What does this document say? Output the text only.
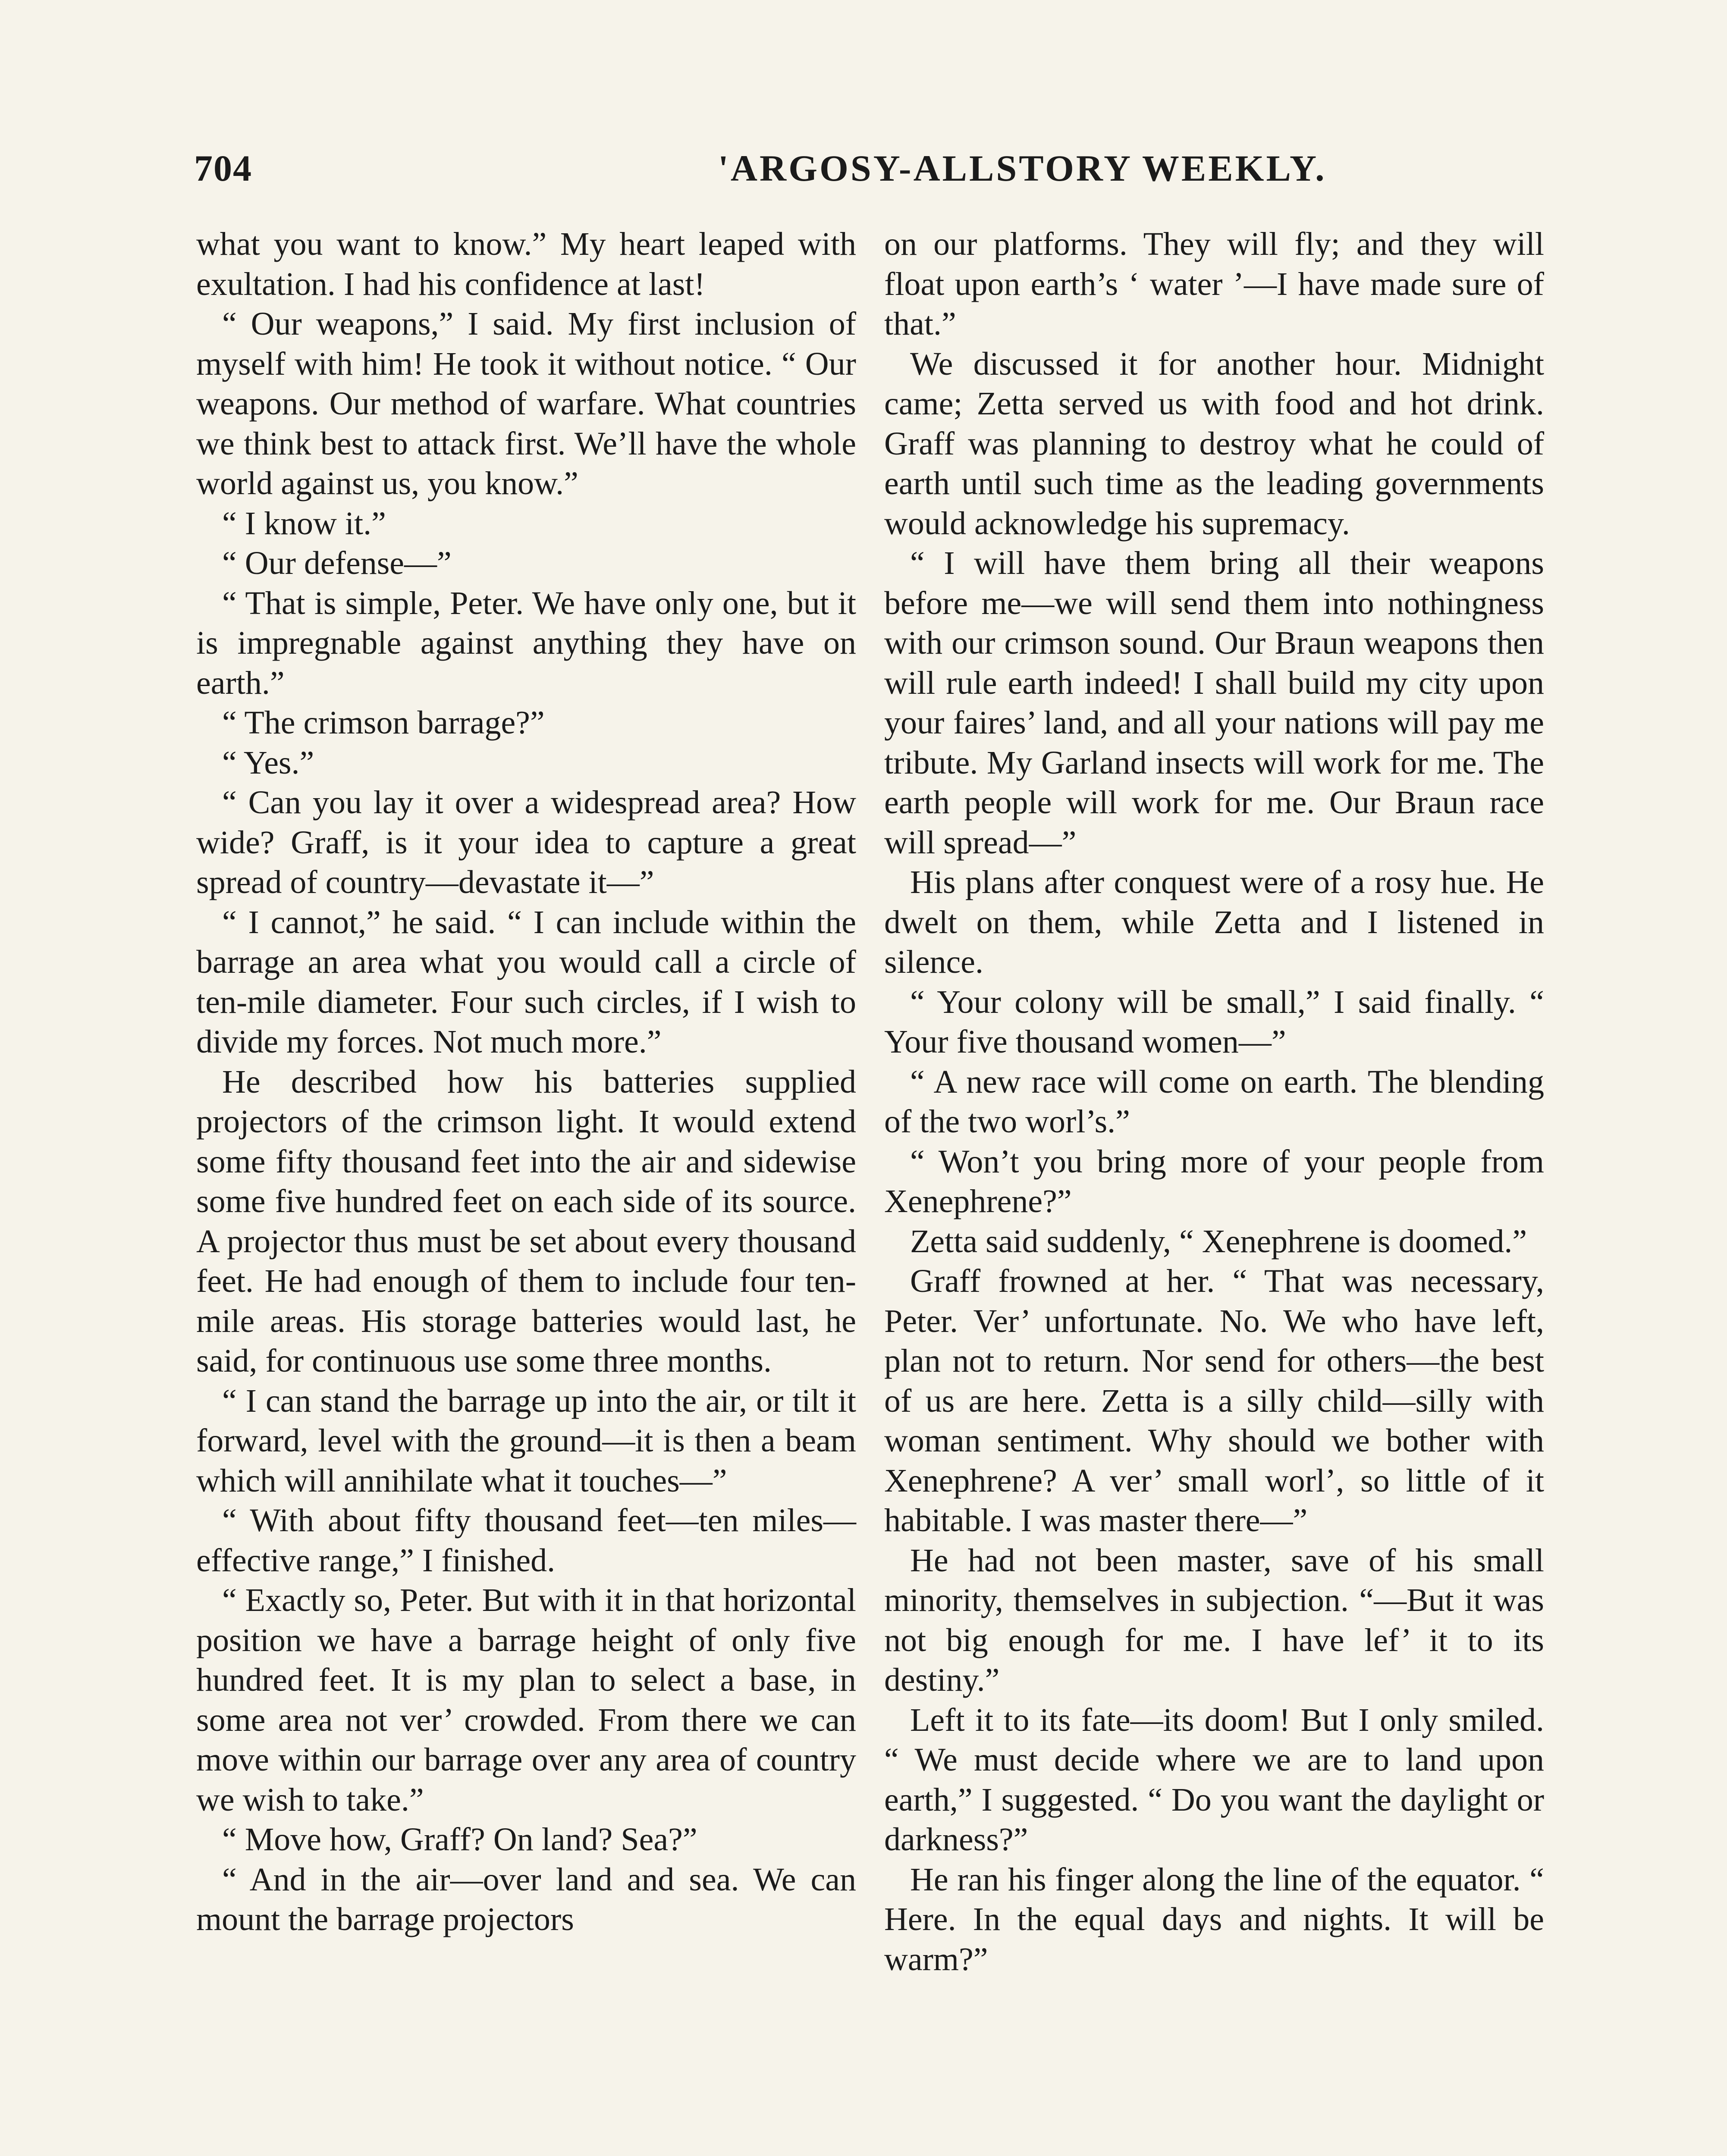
704	'ARGOSY-ALLSTORY WEEKLY.

what you want to know.” My heart leaped with exultation. I had his confidence at last!

“ Our weapons,” I said. My first inclusion of myself with him! He took it without notice. “ Our weapons. Our method of warfare. What countries we think best to attack first. We’ll have the whole world against us, you know.”

“ I know it.”

“ Our defense—”

“ That is simple, Peter. We have only one, but it is impregnable against anything they have on earth.”

“ The crimson barrage?”

“ Yes.”

“ Can you lay it over a widespread area? How wide? Graff, is it your idea to capture a great spread of country—devastate it—”

“ I cannot,” he said. “ I can include within the barrage an area what you would call a circle of ten-mile diameter. Four such circles, if I wish to divide my forces. Not much more.”

He described how his batteries supplied projectors of the crimson light. It would extend some fifty thousand feet into the air and sidewise some five hundred feet on each side of its source. A projector thus must be set about every thousand feet. He had enough of them to include four ten-mile areas. His storage batteries would last, he said, for continuous use some three months.

“ I can stand the barrage up into the air, or tilt it forward, level with the ground—it is then a beam which will annihilate what it touches—”

“ With about fifty thousand feet—ten miles—effective range,” I finished.

“ Exactly so, Peter. But with it in that horizontal position we have a barrage height of only five hundred feet. It is my plan to select a base, in some area not ver’ crowded. From there we can move within our barrage over any area of country we wish to take.”

“ Move how, Graff? On land? Sea?”

“ And in the air—over land and sea. We can mount the barrage projectors

on our platforms. They will fly; and they will float upon earth’s ‘ water ’—I have made sure of that.”

We discussed it for another hour. Midnight came; Zetta served us with food and hot drink. Graff was planning to destroy what he could of earth until such time as the leading governments would acknowledge his supremacy.

“ I will have them bring all their weapons before me—we will send them into nothingness with our crimson sound. Our Braun weapons then will rule earth indeed! I shall build my city upon your faires’ land, and all your nations will pay me tribute. My Garland insects will work for me. The earth people will work for me. Our Braun race will spread—”

His plans after conquest were of a rosy hue. He dwelt on them, while Zetta and I listened in silence.

“ Your colony will be small,” I said finally. “ Your five thousand women—”

“ A new race will come on earth. The blending of the two worl’s.”

“ Won’t you bring more of your people from Xenephrene?”

Zetta said suddenly, “ Xenephrene is doomed.”

Graff frowned at her. “ That was necessary, Peter. Ver’ unfortunate. No. We who have left, plan not to return. Nor send for others—the best of us are here. Zetta is a silly child—silly with woman sentiment. Why should we bother with Xenephrene? A ver’ small worl’, so little of it habitable. I was master there—”

He had not been master, save of his small minority, themselves in subjection. “—But it was not big enough for me. I have lef’ it to its destiny.”

Left it to its fate—its doom! But I only smiled. “ We must decide where we are to land upon earth,” I suggested. “ Do you want the daylight or darkness?”

He ran his finger along the line of the equator. “ Here. In the equal days and nights. It will be warm?”
